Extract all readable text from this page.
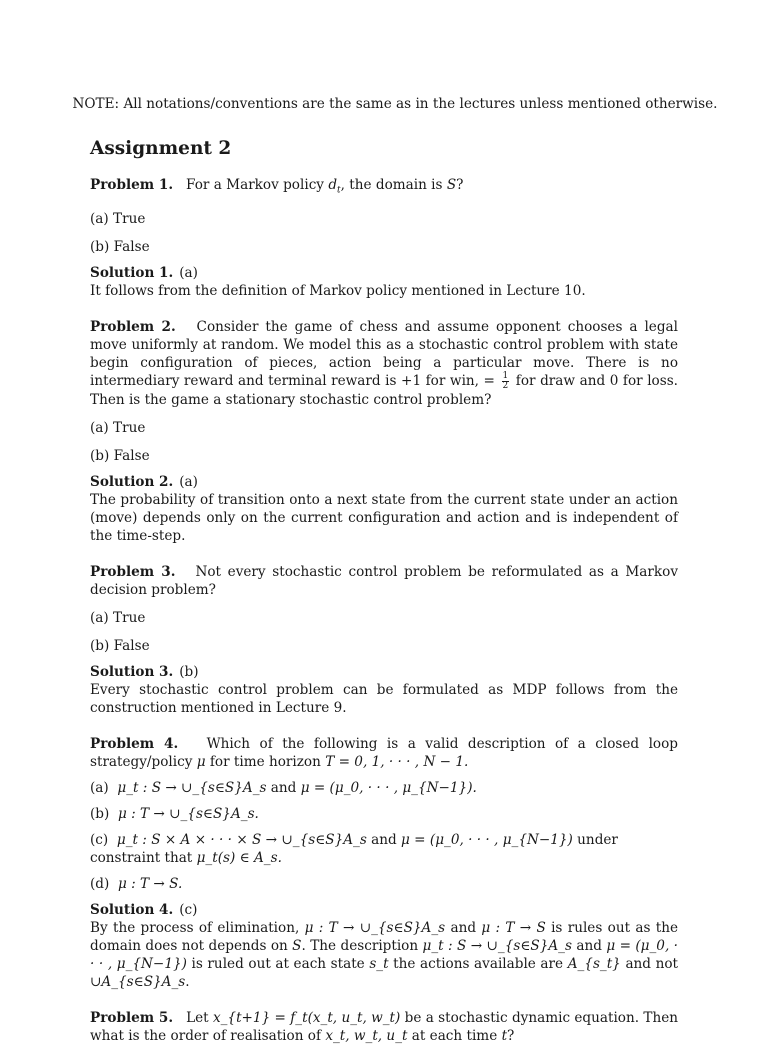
NOTE: All notations/conventions are the same as in the lectures unless mentioned otherwise.
Assignment 2

Problem 1. For a Markov policy $d_t$, the domain is S?

(a) True

(b) False

Solution 1. (a)
It follows from the definition of Markov policy mentioned in Lecture 10.

Problem 2. Consider the game of chess and assume opponent chooses a legal move uniformly at random. We model this as a stochastic control problem with state begin configuration of pieces, action being a particular move. There is no intermediary reward and terminal reward is +1 for win, = $\frac{1}{2}$ for draw and 0 for loss. Then is the game a stationary stochastic control problem?

(a) True

(b) False

Solution 2. (a)
The probability of transition onto a next state from the current state under an action (move) depends only on the current configuration and action and is independent of the time-step.

Problem 3. Not every stochastic control problem be reformulated as a Markov decision problem?

(a) True

(b) False

Solution 3. (b)
Every stochastic control problem can be formulated as MDP follows from the construction mentioned in Lecture 9.

Problem 4. Which of the following is a valid description of a closed loop strategy/policy μ for time horizon T = 0, 1, · · · , N − 1.

(a) μ_t : S → ∪_{s∈S}A_s and μ = (μ_0, · · · , μ_{N−1}).

(b) μ : T → ∪_{s∈S}A_s.

(c) μ_t : S × A × · · · × S → ∪_{s∈S}A_s and μ = (μ_0, · · · , μ_{N−1}) under constraint that μ_t(s) ∈ A_s.

(d) μ : T → S.

Solution 4. (c)
By the process of elimination, μ : T → ∪_{s∈S}A_s and μ : T → S is rules out as the domain does not depends on S. The description μ_t : S → ∪_{s∈S}A_s and μ = (μ_0, · · · , μ_{N−1}) is ruled out at each state s_t the actions available are A_{s_t} and not ∪A_{s∈S}A_s.

Problem 5. Let x_{t+1} = f_t(x_t, u_t, w_t) be a stochastic dynamic equation. Then what is the order of realisation of x_t, w_t, u_t at each time t?
